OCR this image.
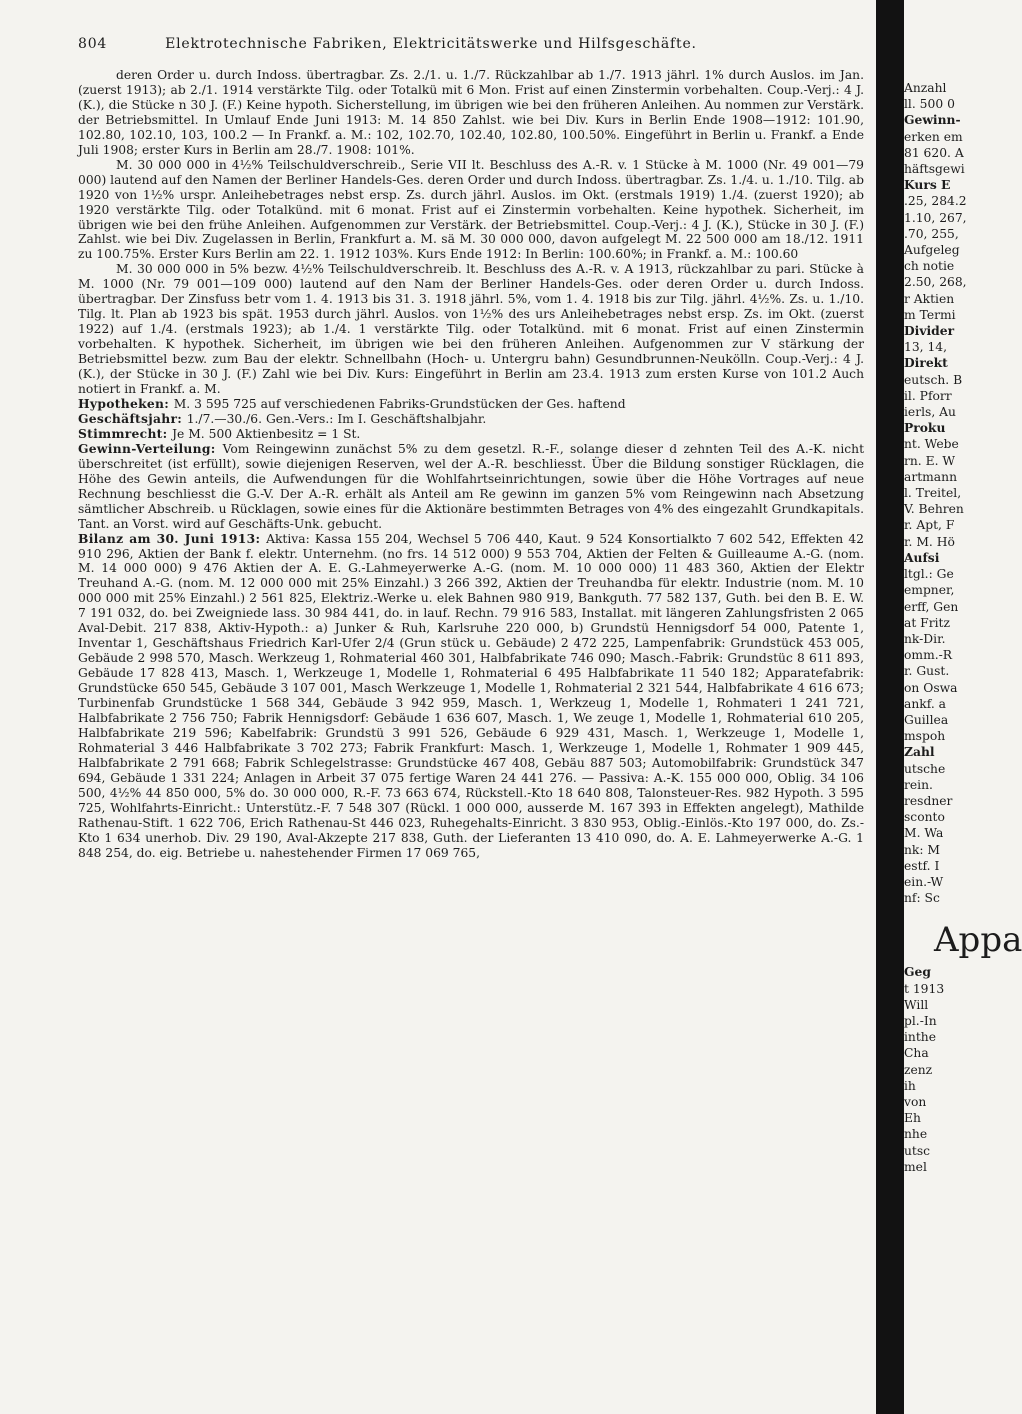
804	Elektrotechnische Fabriken, Elektricitätswerke und Hilfsgeschäfte.

deren Order u. durch Indoss. übertragbar. Zs. 2./1. u. 1./7. Rückzahlbar ab 1./7. 1913 jährl. 1% durch Auslos. im Jan. (zuerst 1913); ab 2./1. 1914 verstärkte Tilg. oder Totalkü mit 6 Mon. Frist auf einen Zinstermin vorbehalten. Coup.-Verj.: 4 J. (K.), die Stücke n 30 J. (F.) Keine hypoth. Sicherstellung, im übrigen wie bei den früheren Anleihen. Au nommen zur Verstärk. der Betriebsmittel. In Umlauf Ende Juni 1913: M. 14 850 Zahlst. wie bei Div. Kurs in Berlin Ende 1908—1912: 101.90, 102.80, 102.10, 103, 100.2 — In Frankf. a. M.: 102, 102.70, 102.40, 102.80, 100.50%. Eingeführt in Berlin u. Frankf. a Ende Juli 1908; erster Kurs in Berlin am 28./7. 1908: 101%.

M. 30 000 000 in 4½% Teilschuldverschreib., Serie VII lt. Beschluss des A.-R. v. 1 Stücke à M. 1000 (Nr. 49 001—79 000) lautend auf den Namen der Berliner Handels-Ges. deren Order und durch Indoss. übertragbar. Zs. 1./4. u. 1./10. Tilg. ab 1920 von 1½% urspr. Anleihebetrages nebst ersp. Zs. durch jährl. Auslos. im Okt. (erstmals 1919) 1./4. (zuerst 1920); ab 1920 verstärkte Tilg. oder Totalkünd. mit 6 monat. Frist auf ei Zinstermin vorbehalten. Keine hypothek. Sicherheit, im übrigen wie bei den frühe Anleihen. Aufgenommen zur Verstärk. der Betriebsmittel. Coup.-Verj.: 4 J. (K.), Stücke in 30 J. (F.) Zahlst. wie bei Div. Zugelassen in Berlin, Frankfurt a. M. sä M. 30 000 000, davon aufgelegt M. 22 500 000 am 18./12. 1911 zu 100.75%. Erster Kurs Berlin am 22. 1. 1912 103%. Kurs Ende 1912: In Berlin: 100.60%; in Frankf. a. M.: 100.60

M. 30 000 000 in 5% bezw. 4½% Teilschuldverschreib. lt. Beschluss des A.-R. v. A 1913, rückzahlbar zu pari. Stücke à M. 1000 (Nr. 79 001—109 000) lautend auf den Nam der Berliner Handels-Ges. oder deren Order u. durch Indoss. übertragbar. Der Zinsfuss betr vom 1. 4. 1913 bis 31. 3. 1918 jährl. 5%, vom 1. 4. 1918 bis zur Tilg. jährl. 4½%. Zs. u. 1./10. Tilg. lt. Plan ab 1923 bis spät. 1953 durch jährl. Auslos. von 1½% des urs Anleihebetrages nebst ersp. Zs. im Okt. (zuerst 1922) auf 1./4. (erstmals 1923); ab 1./4. 1 verstärkte Tilg. oder Totalkünd. mit 6 monat. Frist auf einen Zinstermin vorbehalten. K hypothek. Sicherheit, im übrigen wie bei den früheren Anleihen. Aufgenommen zur V stärkung der Betriebsmittel bezw. zum Bau der elektr. Schnellbahn (Hoch- u. Untergru bahn) Gesundbrunnen-Neukölln. Coup.-Verj.: 4 J. (K.), der Stücke in 30 J. (F.) Zahl wie bei Div. Kurs: Eingeführt in Berlin am 23.4. 1913 zum ersten Kurse von 101.2 Auch notiert in Frankf. a. M.

Hypotheken: M. 3 595 725 auf verschiedenen Fabriks-Grundstücken der Ges. haftend

Geschäftsjahr: 1./7.—30./6. Gen.-Vers.: Im I. Geschäftshalbjahr.

Stimmrecht: Je M. 500 Aktienbesitz = 1 St.

Gewinn-Verteilung: Vom Reingewinn zunächst 5% zu dem gesetzl. R.-F., solange dieser d zehnten Teil des A.-K. nicht überschreitet (ist erfüllt), sowie diejenigen Reserven, wel der A.-R. beschliesst. Über die Bildung sonstiger Rücklagen, die Höhe des Gewin anteils, die Aufwendungen für die Wohlfahrtseinrichtungen, sowie über die Höhe Vortrages auf neue Rechnung beschliesst die G.-V. Der A.-R. erhält als Anteil am Re gewinn im ganzen 5% vom Reingewinn nach Absetzung sämtlicher Abschreib. u Rücklagen, sowie eines für die Aktionäre bestimmten Betrages von 4% des eingezahlt Grundkapitals. Tant. an Vorst. wird auf Geschäfts-Unk. gebucht.

Bilanz am 30. Juni 1913: Aktiva: Kassa 155 204, Wechsel 5 706 440, Kaut. 9 524 Konsortialkto 7 602 542, Effekten 42 910 296, Aktien der Bank f. elektr. Unternehm. (no frs. 14 512 000) 9 553 704, Aktien der Felten & Guilleaume A.-G. (nom. M. 14 000 000) 9 476 Aktien der A. E. G.-Lahmeyerwerke A.-G. (nom. M. 10 000 000) 11 483 360, Aktien der Elektr Treuhand A.-G. (nom. M. 12 000 000 mit 25% Einzahl.) 3 266 392, Aktien der Treuhandba für elektr. Industrie (nom. M. 10 000 000 mit 25% Einzahl.) 2 561 825, Elektriz.-Werke u. elek Bahnen 980 919, Bankguth. 77 582 137, Guth. bei den B. E. W. 7 191 032, do. bei Zweigniede lass. 30 984 441, do. in lauf. Rechn. 79 916 583, Installat. mit längeren Zahlungsfristen 2 065 Aval-Debit. 217 838, Aktiv-Hypoth.: a) Junker & Ruh, Karlsruhe 220 000, b) Grundstü Hennigsdorf 54 000, Patente 1, Inventar 1, Geschäftshaus Friedrich Karl-Ufer 2/4 (Grun stück u. Gebäude) 2 472 225, Lampenfabrik: Grundstück 453 005, Gebäude 2 998 570, Masch. Werkzeug 1, Rohmaterial 460 301, Halbfabrikate 746 090; Masch.-Fabrik: Grundstüc 8 611 893, Gebäude 17 828 413, Masch. 1, Werkzeuge 1, Modelle 1, Rohmaterial 6 495 Halbfabrikate 11 540 182; Apparatefabrik: Grundstücke 650 545, Gebäude 3 107 001, Masch Werkzeuge 1, Modelle 1, Rohmaterial 2 321 544, Halbfabrikate 4 616 673; Turbinenfab Grundstücke 1 568 344, Gebäude 3 942 959, Masch. 1, Werkzeug 1, Modelle 1, Rohmateri 1 241 721, Halbfabrikate 2 756 750; Fabrik Hennigsdorf: Gebäude 1 636 607, Masch. 1, We zeuge 1, Modelle 1, Rohmaterial 610 205, Halbfabrikate 219 596; Kabelfabrik: Grundstü 3 991 526, Gebäude 6 929 431, Masch. 1, Werkzeuge 1, Modelle 1, Rohmaterial 3 446 Halbfabrikate 3 702 273; Fabrik Frankfurt: Masch. 1, Werkzeuge 1, Modelle 1, Rohmater 1 909 445, Halbfabrikate 2 791 668; Fabrik Schlegelstrasse: Grundstücke 467 408, Gebäu 887 503; Automobilfabrik: Grundstück 347 694, Gebäude 1 331 224; Anlagen in Arbeit 37 075 fertige Waren 24 441 276. — Passiva: A.-K. 155 000 000, Oblig. 34 106 500, 4½% 44 850 000, 5% do. 30 000 000, R.-F. 73 663 674, Rückstell.-Kto 18 640 808, Talonsteuer-Res. 982 Hypoth. 3 595 725, Wohlfahrts-Einricht.: Unterstütz.-F. 7 548 307 (Rückl. 1 000 000, ausserde M. 167 393 in Effekten angelegt), Mathilde Rathenau-Stift. 1 622 706, Erich Rathenau-St 446 023, Ruhegehalts-Einricht. 3 830 953, Oblig.-Einlös.-Kto 197 000, do. Zs.-Kto 1 634 unerhob. Div. 29 190, Aval-Akzepte 217 838, Guth. der Lieferanten 13 410 090, do. A. E. Lahmeyerwerke A.-G. 1 848 254, do. eig. Betriebe u. nahestehender Firmen 17 069 765,

Anzahl
ll. 500 0
Gewinn-
erken em
81 620. A
häftsgewi
Kurs E
.25, 284.2
1.10, 267,
.70, 255,
Aufgeleg
ch notie
2.50, 268,
r Aktien
m Termi
Divider
13, 14,
Direkt
eutsch. B
il. Pforr
ierls, Au
Proku
nt. Webe
rn. E. W
artmann
l. Treitel,
V. Behren
r. Apt, F
r. M. Hö
Aufsi
ltgl.: Ge
empner,
erff, Gen
at Fritz
nk-Dir.
omm.-R
r. Gust.
on Oswa
ankf. a
Guillea
mspoh
Zahl
utsche
rein.
resdner
sconto
M. Wa
nk: M
estf. I
ein.-W
nf: Sc
Appa
Geg
t 1913
Will
pl.-In
inthe
Cha
zenz
ih
von
Eh
nhe
utsc
mel
